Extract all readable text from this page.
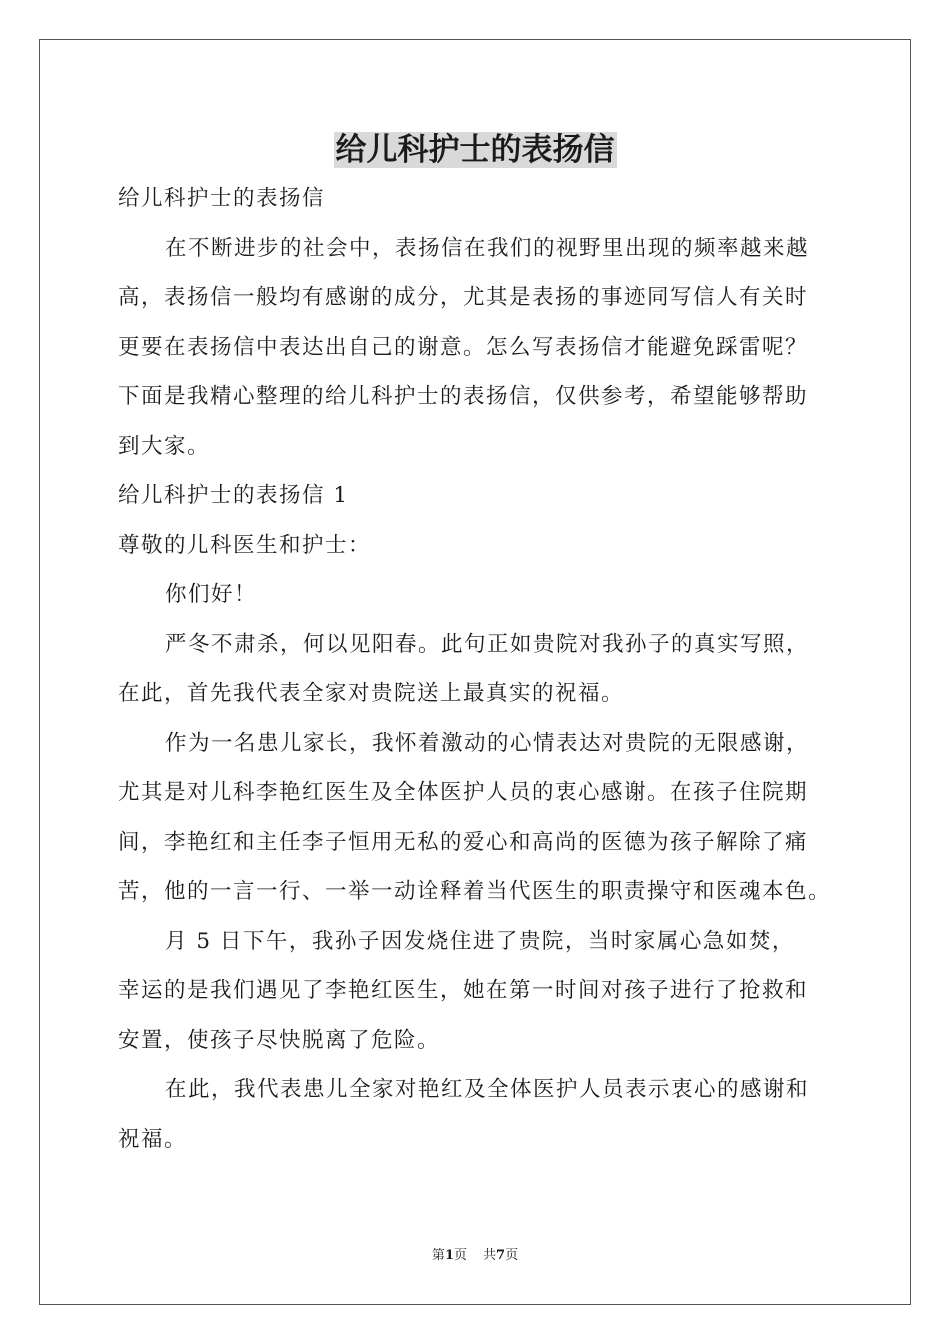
给儿科护士的表扬信

给儿科护士的表扬信

在不断进步的社会中，表扬信在我们的视野里出现的频率越来越

高，表扬信一般均有感谢的成分，尤其是表扬的事迹同写信人有关时

更要在表扬信中表达出自己的谢意。怎么写表扬信才能避免踩雷呢？

下面是我精心整理的给儿科护士的表扬信，仅供参考，希望能够帮助

到大家。

给儿科护士的表扬信 1

尊敬的儿科医生和护士：

你们好！

严冬不肃杀，何以见阳春。此句正如贵院对我孙子的真实写照，

在此，首先我代表全家对贵院送上最真实的祝福。

作为一名患儿家长，我怀着激动的心情表达对贵院的无限感谢，

尤其是对儿科李艳红医生及全体医护人员的衷心感谢。在孩子住院期

间，李艳红和主任李子恒用无私的爱心和高尚的医德为孩子解除了痛

苦，他的一言一行、一举一动诠释着当代医生的职责操守和医魂本色。

月 5 日下午，我孙子因发烧住进了贵院，当时家属心急如焚，

幸运的是我们遇见了李艳红医生，她在第一时间对孩子进行了抢救和

安置，使孩子尽快脱离了危险。

在此，我代表患儿全家对艳红及全体医护人员表示衷心的感谢和

祝福。

第1页 共7页
